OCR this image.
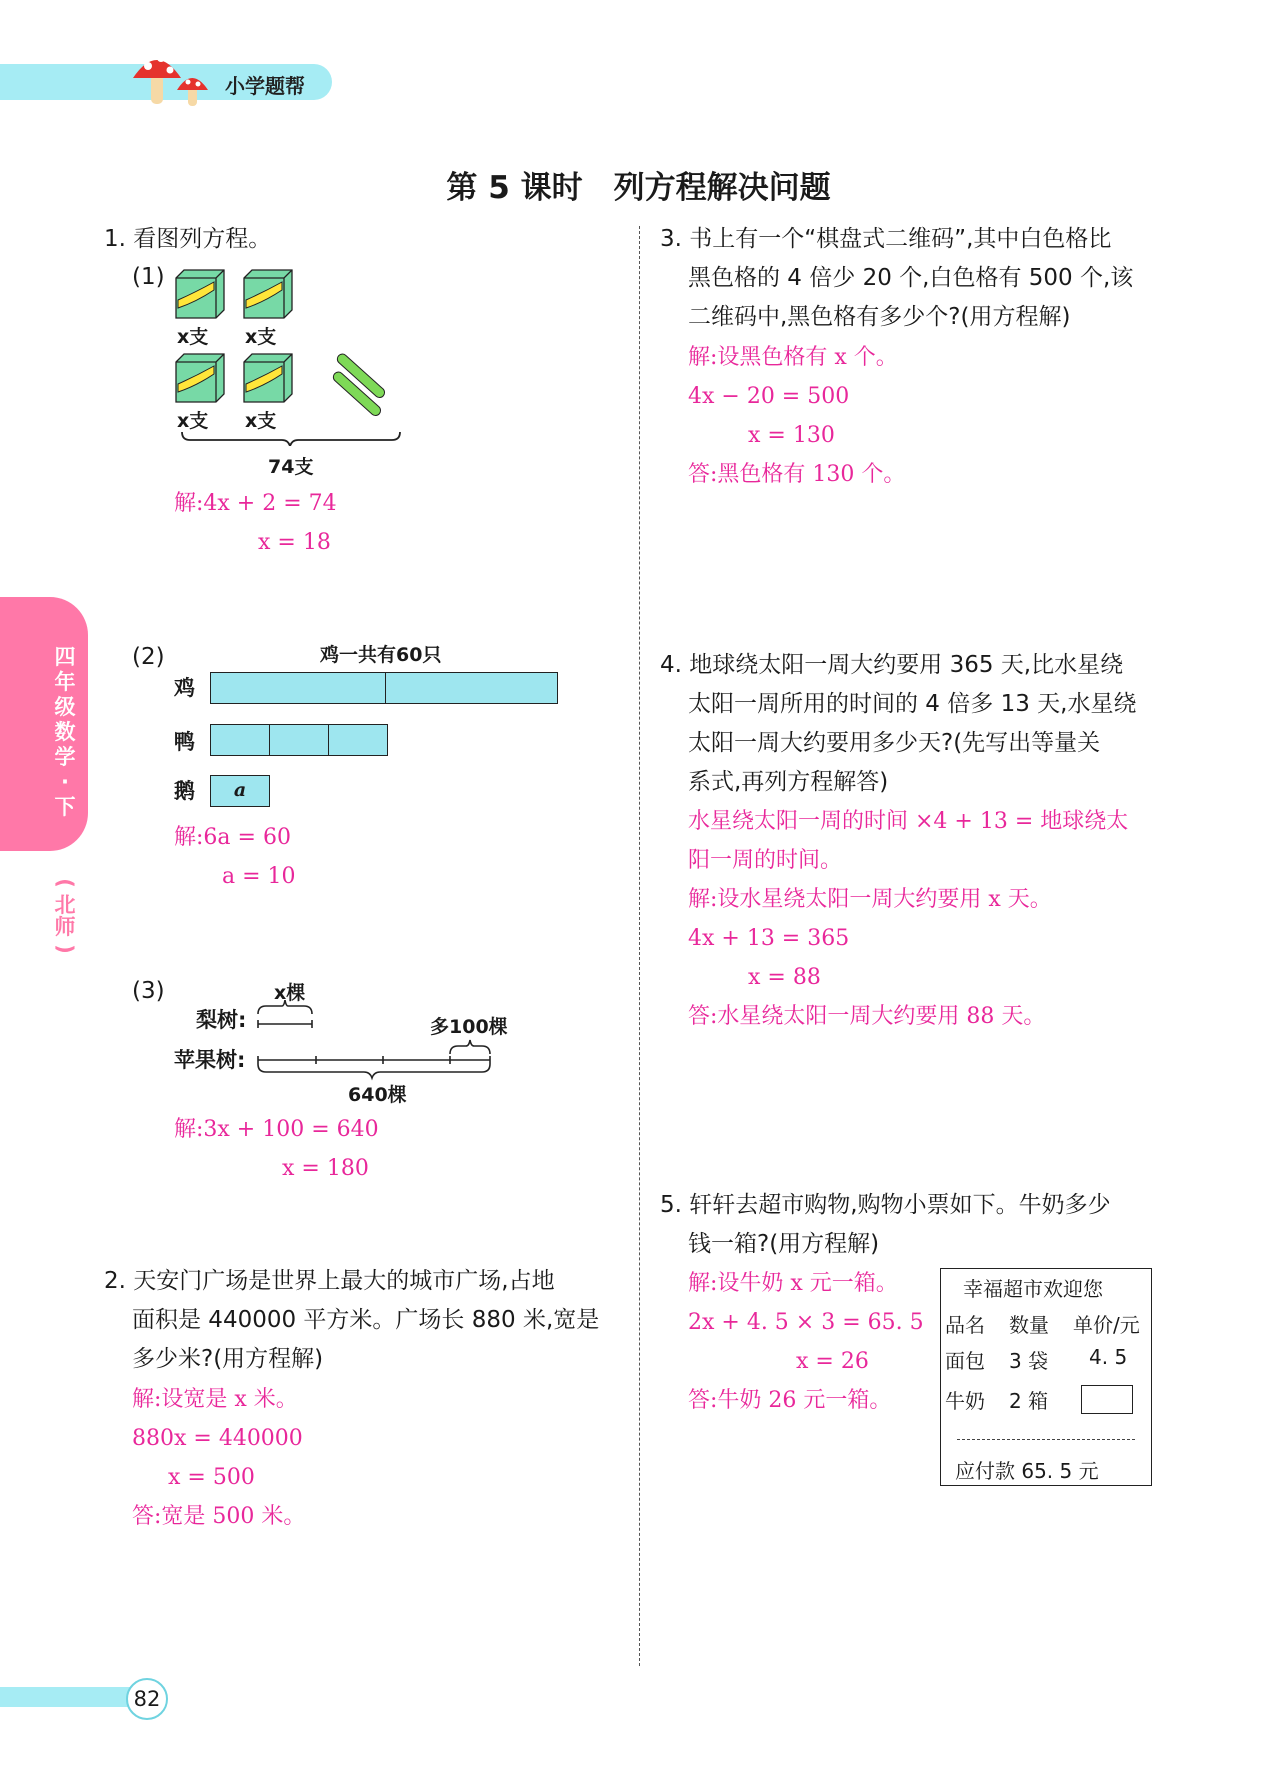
小学题帮
第 5 课时　列方程解决问题
四
年
级
数
学
·
下
(
北
师
)
1. 看图列方程。
(1)
x支 x支
x支 x支
74支
解:4x + 2 = 74
x = 18
(2)	鸡一共有60只
鸡
鸭
鹅	a
解:6a = 60
a = 10
(3)	x棵
梨树:	多100棵
苹果树:
640棵
解:3x + 100 = 640
x = 180
2. 天安门广场是世界上最大的城市广场,占地
面积是 440000 平方米。广场长 880 米,宽是
多少米?(用方程解)
解:设宽是 x 米。
880x = 440000
x = 500
答:宽是 500 米。
3. 书上有一个“棋盘式二维码”,其中白色格比
黑色格的 4 倍少 20 个,白色格有 500 个,该
二维码中,黑色格有多少个?(用方程解)
解:设黑色格有 x 个。
4x − 20 = 500
x = 130
答:黑色格有 130 个。
4. 地球绕太阳一周大约要用 365 天,比水星绕
太阳一周所用的时间的 4 倍多 13 天,水星绕
太阳一周大约要用多少天?(先写出等量关
系式,再列方程解答)
水星绕太阳一周的时间 ×4 + 13 = 地球绕太
阳一周的时间。
解:设水星绕太阳一周大约要用 x 天。
4x + 13 = 365
x = 88
答:水星绕太阳一周大约要用 88 天。
5. 轩轩去超市购物,购物小票如下。牛奶多少
钱一箱?(用方程解)
解:设牛奶 x 元一箱。
2x + 4. 5 × 3 = 65. 5
x = 26
答:牛奶 26 元一箱。
幸福超市欢迎您
品名 数量 单价/元
面包 3 袋 4. 5
牛奶 2 箱
应付款 65. 5 元
82
